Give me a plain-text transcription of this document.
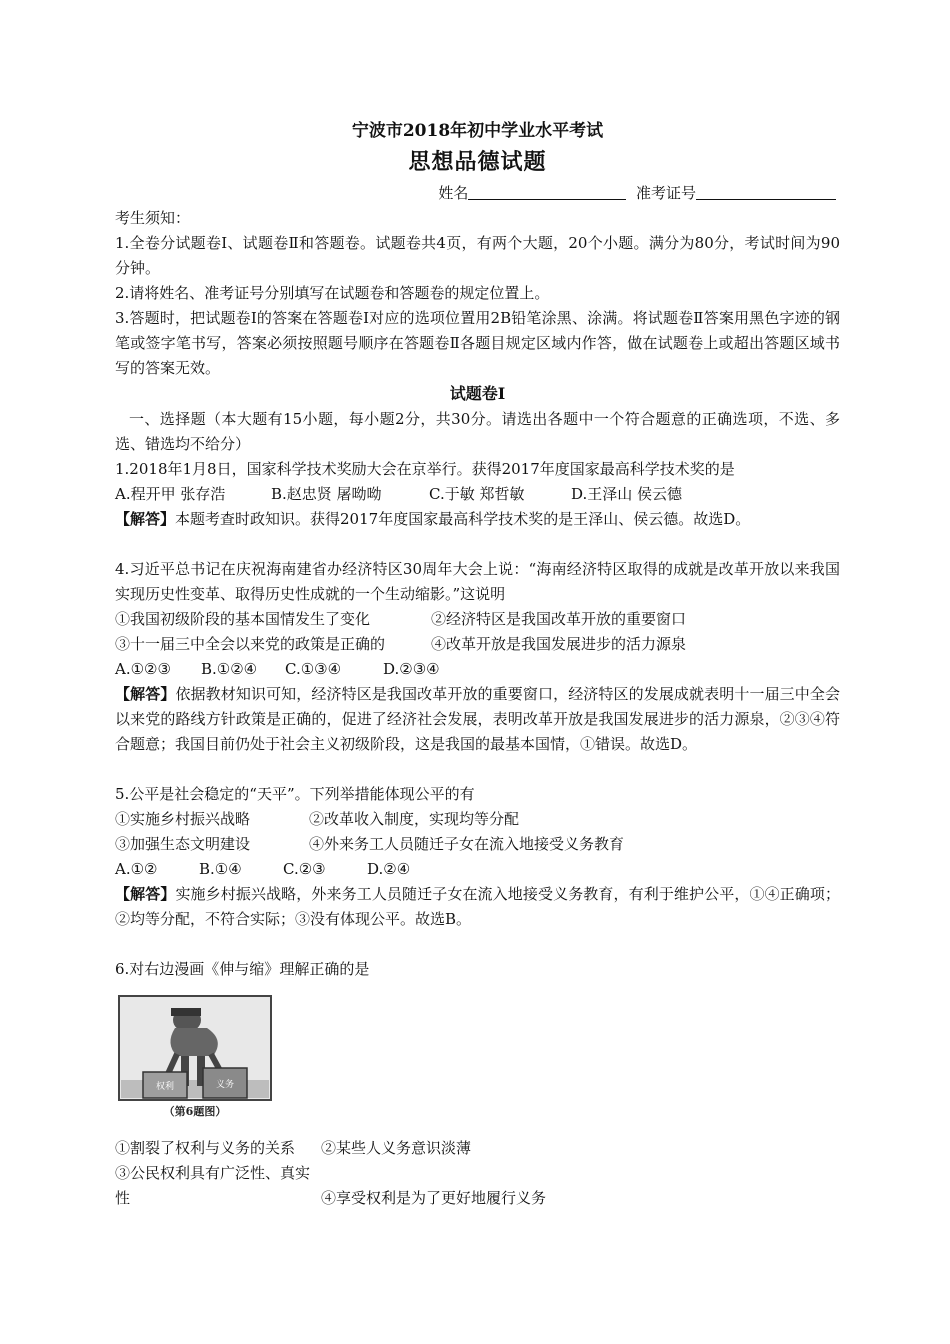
宁波市2018年初中学业水平考试
思想品德试题
姓名	准考证号
考生须知：
1.全卷分试题卷Ⅰ、试题卷Ⅱ和答题卷。试题卷共4页，有两个大题，20个小题。满分为80分，考试时间为90分钟。
2.请将姓名、准考证号分别填写在试题卷和答题卷的规定位置上。
3.答题时，把试题卷Ⅰ的答案在答题卷Ⅰ对应的选项位置用2B铅笔涂黑、涂满。将试题卷Ⅱ答案用黑色字迹的钢笔或签字笔书写，答案必须按照题号顺序在答题卷Ⅱ各题目规定区域内作答，做在试题卷上或超出答题区域书写的答案无效。
试题卷Ⅰ
一、选择题（本大题有15小题，每小题2分，共30分。请选出各题中一个符合题意的正确选项，不选、多选、错选均不给分）
1.2018年1月8日，国家科学技术奖励大会在京举行。获得2017年度国家最高科学技术奖的是
A.程开甲 张存浩	B.赵忠贤 屠呦呦	C.于敏 郑哲敏	D.王泽山 侯云德
【解答】本题考查时政知识。获得2017年度国家最高科学技术奖的是王泽山、侯云德。故选D。
4.习近平总书记在庆祝海南建省办经济特区30周年大会上说：“海南经济特区取得的成就是改革开放以来我国实现历史性变革、取得历史性成就的一个生动缩影。”这说明
①我国初级阶段的基本国情发生了变化	②经济特区是我国改革开放的重要窗口
③十一届三中全会以来党的政策是正确的	④改革开放是我国发展进步的活力源泉
A.①②③ B.①②④ C.①③④	D.②③④
【解答】依据教材知识可知，经济特区是我国改革开放的重要窗口，经济特区的发展成就表明十一届三中全会以来党的路线方针政策是正确的，促进了经济社会发展，表明改革开放是我国发展进步的活力源泉，②③④符合题意；我国目前仍处于社会主义初级阶段，这是我国的最基本国情，①错误。故选D。
5.公平是社会稳定的“天平”。下列举措能体现公平的有
①实施乡村振兴战略	②改革收入制度，实现均等分配
③加强生态文明建设	④外来务工人员随迁子女在流入地接受义务教育
A.①②	B.①④	C.②③	D.②④
【解答】实施乡村振兴战略，外来务工人员随迁子女在流入地接受义务教育，有利于维护公平，①④正确项；②均等分配，不符合实际；③没有体现公平。故选B。
6.对右边漫画《伸与缩》理解正确的是
权利	义务
（第6题图）
①割裂了权利与义务的关系 ②某些人义务意识淡薄
③公民权利具有广泛性、真实性	④享受权利是为了更好地履行义务
